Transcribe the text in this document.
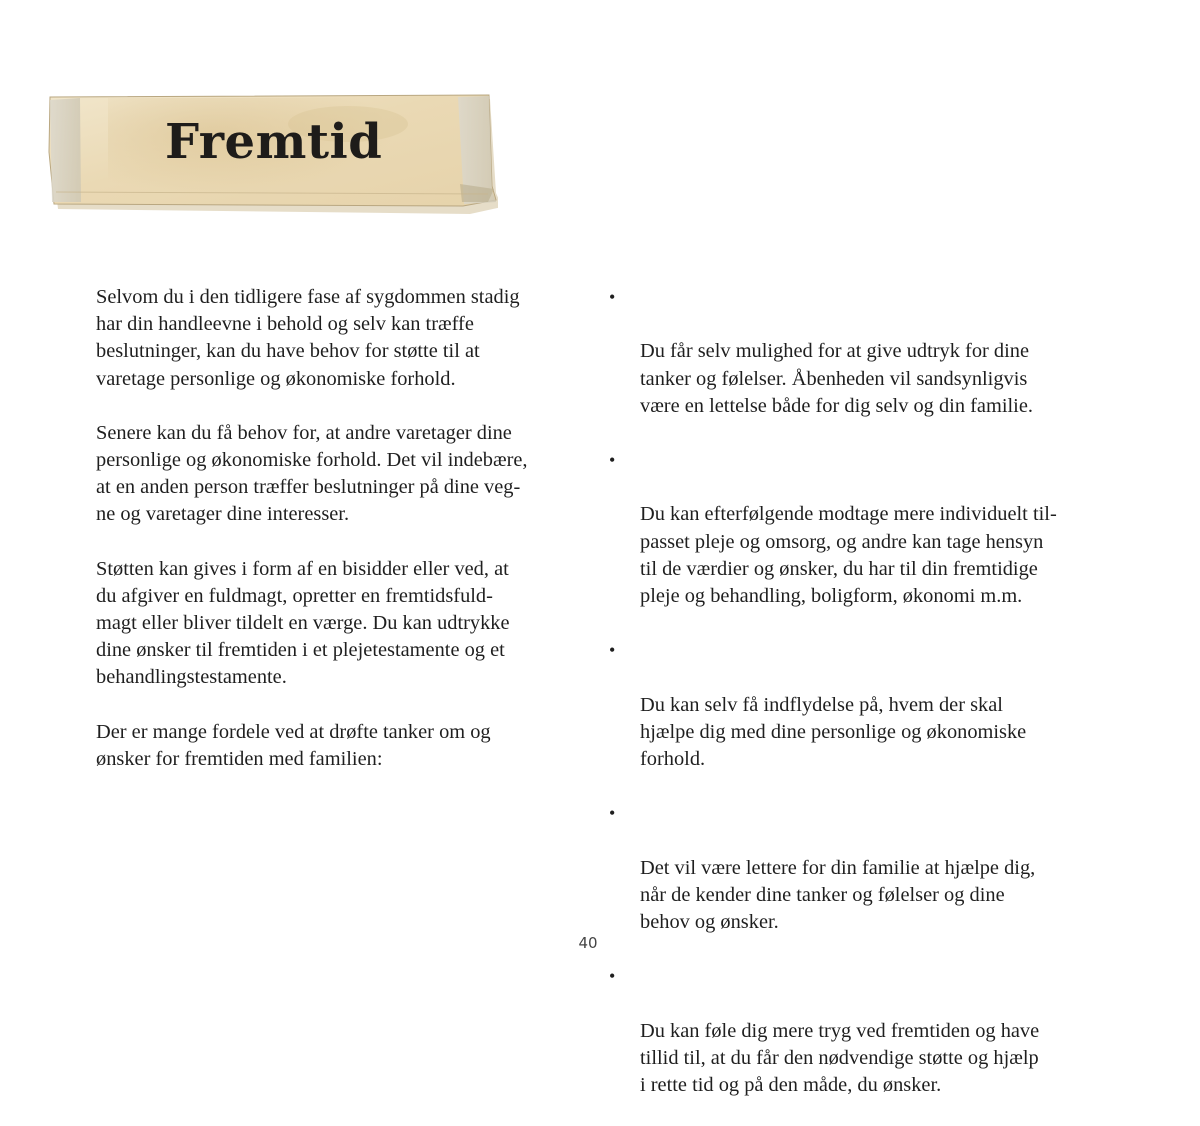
Fremtid

Selvom du i den tidligere fase af sygdommen stadig
har din handleevne i behold og selv kan træffe
beslutninger, kan du have behov for støtte til at
varetage personlige og økonomiske forhold.

Senere kan du få behov for, at andre varetager dine
personlige og økonomiske forhold. Det vil indebære,
at en anden person træffer beslutninger på dine veg-
ne og varetager dine interesser.

Støtten kan gives i form af en bisidder eller ved, at
du afgiver en fuldmagt, opretter en fremtidsfuld-
magt eller bliver tildelt en værge. Du kan udtrykke
dine ønsker til fremtiden i et plejetestamente og et
behandlingstestamente.

Der er mange fordele ved at drøfte tanker om og
ønsker for fremtiden med familien:

•

Du får selv mulighed for at give udtryk for dine
tanker og følelser. Åbenheden vil sandsynligvis
være en lettelse både for dig selv og din familie.

•

Du kan efterfølgende modtage mere individuelt til-
passet pleje og omsorg, og andre kan tage hensyn
til de værdier og ønsker, du har til din fremtidige
pleje og behandling, boligform, økonomi m.m.

•

Du kan selv få indflydelse på, hvem der skal
hjælpe dig med dine personlige og økonomiske
forhold.

•

Det vil være lettere for din familie at hjælpe dig,
når de kender dine tanker og følelser og dine
behov og ønsker.

•

Du kan føle dig mere tryg ved fremtiden og have
tillid til, at du får den nødvendige støtte og hjælp
i rette tid og på den måde, du ønsker.

40
